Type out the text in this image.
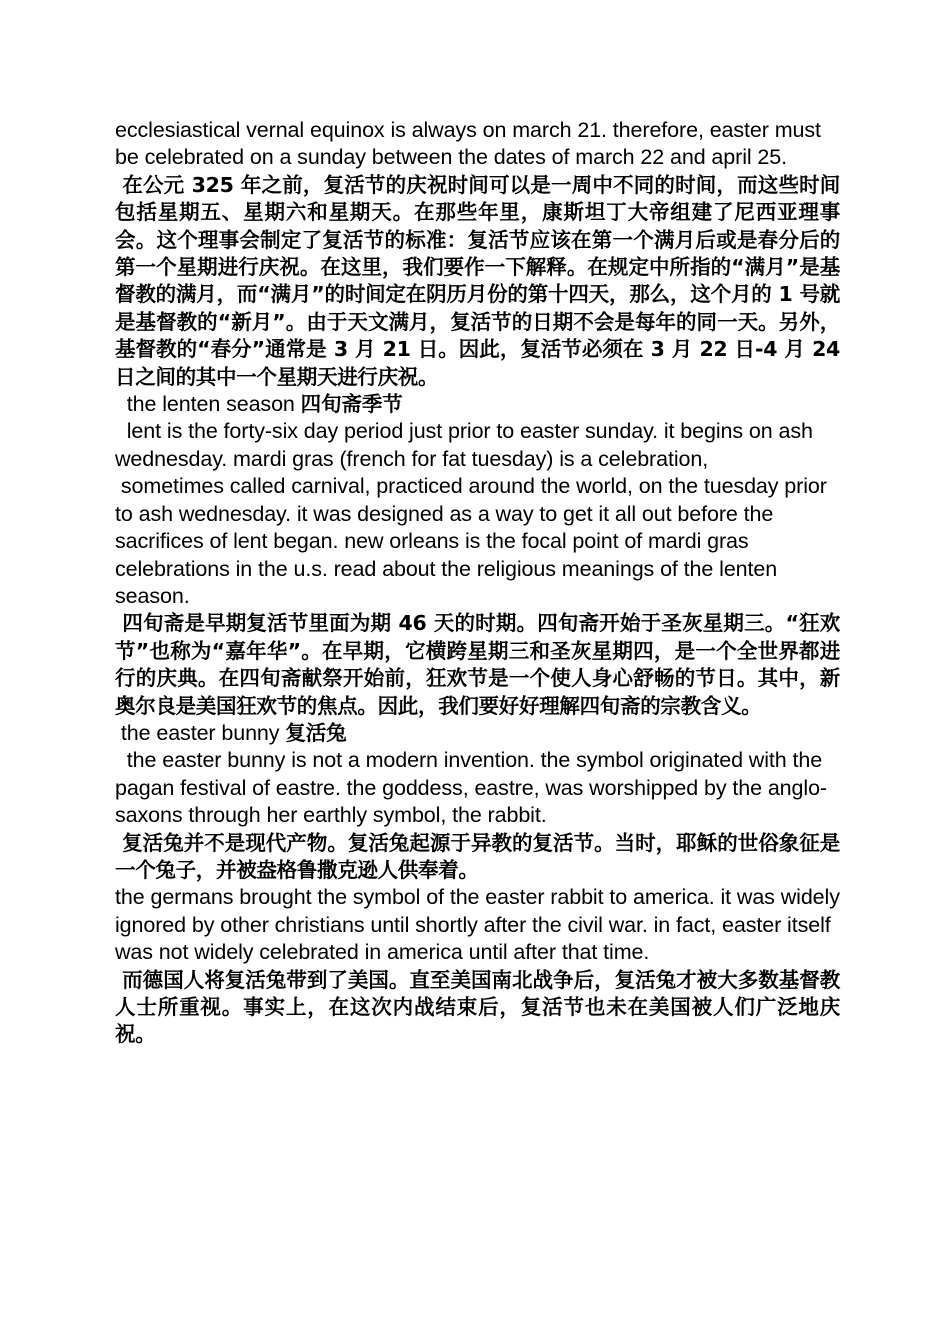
ecclesiastical vernal equinox is always on march 21. therefore, easter must be celebrated on a sunday between the dates of march 22 and april 25.

在公元 325 年之前，复活节的庆祝时间可以是一周中不同的时间，而这些时间包括星期五、星期六和星期天。在那些年里，康斯坦丁大帝组建了尼西亚理事会。这个理事会制定了复活节的标准：复活节应该在第一个满月后或是春分后的第一个星期进行庆祝。在这里，我们要作一下解释。在规定中所指的“满月”是基督教的满月，而“满月”的时间定在阴历月份的第十四天，那么，这个月的 1 号就是基督教的“新月”。由于天文满月，复活节的日期不会是每年的同一天。另外，基督教的“春分”通常是 3 月 21 日。因此，复活节必须在 3 月 22 日-4 月 24 日之间的其中一个星期天进行庆祝。

the lenten season 四旬斋季节

lent is the forty-six day period just prior to easter sunday. it begins on ash wednesday. mardi gras (french for fat tuesday) is a celebration,

sometimes called carnival, practiced around the world, on the tuesday prior to ash wednesday. it was designed as a way to get it all out before the sacrifices of lent began. new orleans is the focal point of mardi gras celebrations in the u.s. read about the religious meanings of the lenten season.

四旬斋是早期复活节里面为期 46 天的时期。四旬斋开始于圣灰星期三。“狂欢节”也称为“嘉年华”。在早期，它横跨星期三和圣灰星期四，是一个全世界都进行的庆典。在四旬斋献祭开始前，狂欢节是一个使人身心舒畅的节日。其中，新奥尔良是美国狂欢节的焦点。因此，我们要好好理解四旬斋的宗教含义。

the easter bunny 复活兔

the easter bunny is not a modern invention. the symbol originated with the pagan festival of eastre. the goddess, eastre, was worshipped by the anglo-saxons through her earthly symbol, the rabbit.

复活兔并不是现代产物。复活兔起源于异教的复活节。当时，耶稣的世俗象征是一个兔子，并被盎格鲁撒克逊人供奉着。

the germans brought the symbol of the easter rabbit to america. it was widely ignored by other christians until shortly after the civil war. in fact, easter itself was not widely celebrated in america until after that time.

而德国人将复活兔带到了美国。直至美国南北战争后，复活兔才被大多数基督教人士所重视。事实上，在这次内战结束后，复活节也未在美国被人们广泛地庆祝。
